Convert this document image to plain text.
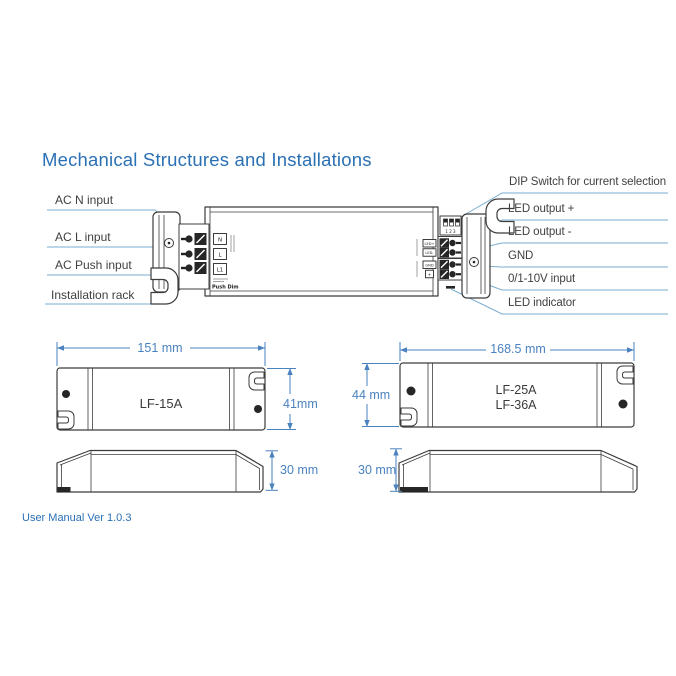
N
L
L1
Push Dim
1 2 3
LED+
LED-
GND
+
Mechanical Structures and Installations
AC N input
AC L input
AC Push input
Installation rack
DIP Switch for current selection
LED output +
LED output -
GND
0/1-10V input
LED indicator
151 mm
LF-15A	41mm
30 mm
168.5 mm
LF-25A
LF-36A
44 mm
30 mm
User Manual Ver 1.0.3
